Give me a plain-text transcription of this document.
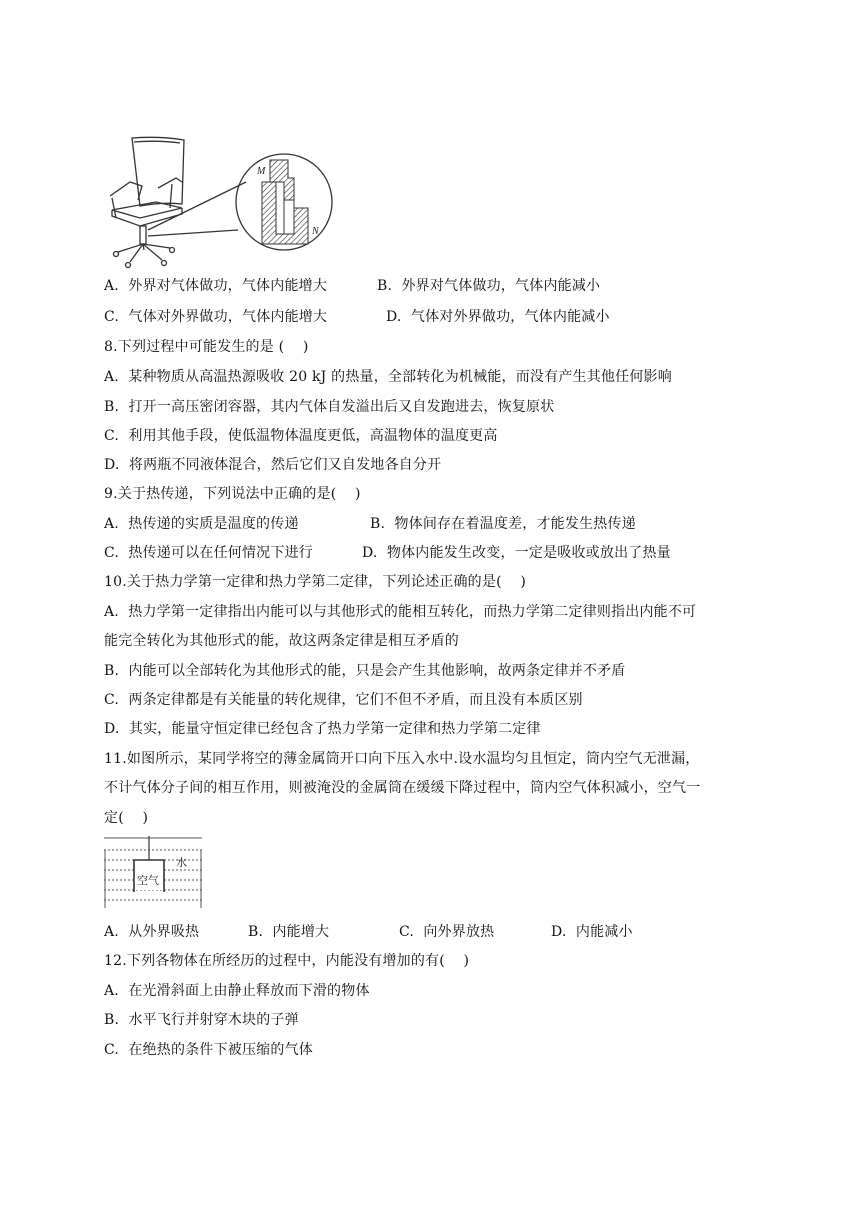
M
N
A.  外界对气体做功，气体内能增大	B.  外界对气体做功，气体内能减小
C.  气体对外界做功，气体内能增大	D.  气体对外界做功，气体内能减小
8.下列过程中可能发生的是 (    )
A.  某种物质从高温热源吸收 20 kJ 的热量，全部转化为机械能，而没有产生其他任何影响
B.  打开一高压密闭容器，其内气体自发溢出后又自发跑进去，恢复原状
C.  利用其他手段，使低温物体温度更低，高温物体的温度更高
D.  将两瓶不同液体混合，然后它们又自发地各自分开
9.关于热传递，下列说法中正确的是(    )
A.  热传递的实质是温度的传递	B.  物体间存在着温度差，才能发生热传递
C.  热传递可以在任何情况下进行	D.  物体内能发生改变，一定是吸收或放出了热量
10.关于热力学第一定律和热力学第二定律，下列论述正确的是(    )
A.  热力学第一定律指出内能可以与其他形式的能相互转化，而热力学第二定律则指出内能不可
能完全转化为其他形式的能，故这两条定律是相互矛盾的
B.  内能可以全部转化为其他形式的能，只是会产生其他影响，故两条定律并不矛盾
C.  两条定律都是有关能量的转化规律，它们不但不矛盾，而且没有本质区别
D.  其实，能量守恒定律已经包含了热力学第一定律和热力学第二定律
11.如图所示，某同学将空的薄金属筒开口向下压入水中.设水温均匀且恒定，筒内空气无泄漏，
不计气体分子间的相互作用，则被淹没的金属筒在缓缓下降过程中，筒内空气体积减小，空气一
定(    )
空气
水
A.  从外界吸热	B.  内能增大	C.  向外界放热	D.  内能减小
12.下列各物体在所经历的过程中，内能没有增加的有(    )
A.  在光滑斜面上由静止释放而下滑的物体
B.  水平飞行并射穿木块的子弹
C.  在绝热的条件下被压缩的气体
